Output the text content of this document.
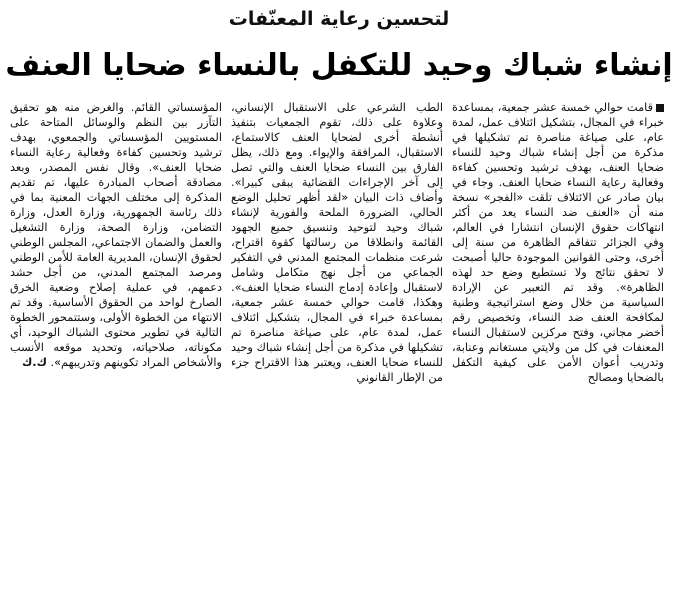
لتحسين رعاية المعنّفات
إنشاء شباك وحيد للتكفل بالنساء ضحايا العنف

قامت حوالي خمسة عشر جمعية، بمساعدة خبراء في المجال، بتشكيل ائتلاف عمل، لمدة عام، على صياغة مناصرة تم تشكيلها في مذكرة من أجل إنشاء شباك وحيد للنساء ضحايا العنف، بهدف ترشيد وتحسين كفاءة وفعالية رعاية النساء ضحايا العنف. وجاء في بيان صادر عن الائتلاف تلقت «الفجر» نسخة منه أن «العنف ضد النساء يعد من أكثر انتهاكات حقوق الإنسان انتشارا في العالم، وفي الجزائر تتفاقم الظاهرة من سنة إلى أخرى، وحتى القوانين الموجودة حاليا أصبحت لا تحقق نتائج ولا تستطيع وضع حد لهذه الظاهرة». وقد تم التعبير عن الإرادة السياسية من خلال وضع استراتيجية وطنية لمكافحة العنف ضد النساء، وتخصيص رقم أخضر مجاني، وفتح مركزين لاستقبال النساء المعنفات في كل من ولايتي مستغانم وعنابة، وتدريب أعوان الأمن على كيفية التكفل بالضحايا ومصالح

الطب الشرعي على الاستقبال الإنساني، وعلاوة على ذلك، تقوم الجمعيات بتنفيذ أنشطة أخرى لضحايا العنف كالاستماع، الاستقبال، المرافقة والإيواء. ومع ذلك، يظل الفارق بين النساء ضحايا العنف والتي تصل إلى آخر الإجراءات القضائية يبقى كبيرا». وأضاف ذات البيان «لقد أظهر تحليل الوضع الحالي، الضرورة الملحة والفورية لإنشاء شباك وحيد لتوحيد وتنسيق جميع الجهود القائمة وانطلاقا من رسالتها كقوة اقتراح، شرعت منظمات المجتمع المدني في التفكير الجماعي من أجل نهج متكامل وشامل لاستقبال وإعادة إدماج النساء ضحايا العنف». وهكذا، قامت حوالي خمسة عشر جمعية، بمساعدة خبراء في المجال، بتشكيل ائتلاف عمل، لمدة عام، على صياغة مناصرة تم تشكيلها في مذكرة من أجل إنشاء شباك وحيد للنساء ضحايا العنف، ويعتبر هذا الاقتراح جزء من الإطار القانوني

المؤسساتي القائم. والغرض منه هو تحقيق التآزر بين النظم والوسائل المتاحة على المستويين المؤسساتي والجمعوي، بهدف ترشيد وتحسين كفاءة وفعالية رعاية النساء ضحايا العنف». وقال نفس المصدر، وبعد مصادقة أصحاب المبادرة عليها، تم تقديم المذكرة إلى مختلف الجهات المعنية بما في ذلك رئاسة الجمهورية، وزارة العدل، وزارة التضامن، وزارة الصحة، وزارة التشغيل والعمل والضمان الاجتماعي، المجلس الوطني لحقوق الإنسان، المديرية العامة للأمن الوطني ومرصد المجتمع المدني، من أجل حشد دعمهم، في عملية إصلاح وضعية الخرق الصارخ لواحد من الحقوق الأساسية. وقد تم الانتهاء من الخطوة الأولى، وستتمحور الخطوة التالية في تطوير محتوى الشباك الوحيد، أي مكوناته، صلاحياته، وتحديد موقعه الأنسب والأشخاص المراد تكوينهم وتدريبهم». ك.ك
